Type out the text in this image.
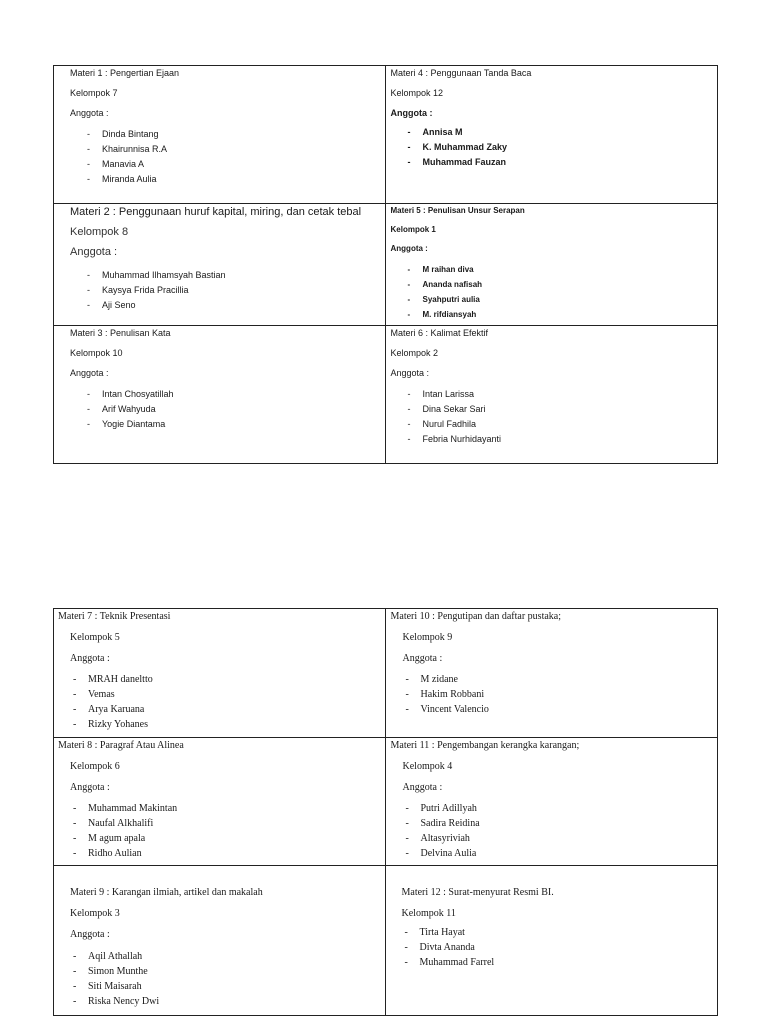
Materi 1 : Pengertian Ejaan

Kelompok 7

Anggota :

- Dinda Bintang
- Khairunnisa R.A
- Manavia A
- Miranda Aulia

Materi 4 : Penggunaan Tanda Baca

Kelompok 12

Anggota :

- Annisa M
- K. Muhammad Zaky
- Muhammad Fauzan

Materi 2 : Penggunaan huruf kapital, miring, dan cetak tebal

Kelompok 8

Anggota :

- Muhammad Ilhamsyah Bastian
- Kaysya Frida Pracillia
- Aji Seno

Materi 5 : Penulisan Unsur Serapan

Kelompok 1

Anggota :

- M raihan diva
- Ananda nafisah
- Syahputri aulia
- M. rifdiansyah

Materi 3 : Penulisan Kata

Kelompok 10

Anggota :

- Intan Chosyatillah
- Arif Wahyuda
- Yogie Diantama

Materi 6 : Kalimat Efektif

Kelompok 2

Anggota :

- Intan Larissa
- Dina Sekar Sari
- Nurul Fadhila
- Febria Nurhidayanti

Materi 7 : Teknik Presentasi

Kelompok 5

Anggota :

- MRAH daneltto
- Vemas
- Arya Karuana
- Rizky Yohanes

Materi 10 : Pengutipan dan daftar pustaka;

Kelompok 9

Anggota :

- M zidane
- Hakim Robbani
- Vincent Valencio

Materi 8 : Paragraf Atau Alinea

Kelompok 6

Anggota :

- Muhammad Makintan
- Naufal Alkhalifi
- M agum apala
- Ridho Aulian

Materi 11 : Pengembangan kerangka karangan;

Kelompok 4

Anggota :

- Putri Adillyah
- Sadira Reidina
- Altasyriviah
- Delvina Aulia

Materi 9 : Karangan ilmiah, artikel dan makalah

Kelompok 3

Anggota :

- Aqil Athallah
- Simon Munthe
- Siti Maisarah
- Riska Nency Dwi

Materi 12 : Surat-menyurat Resmi BI.

Kelompok 11

- Tirta Hayat
- Divta Ananda
- Muhammad Farrel
